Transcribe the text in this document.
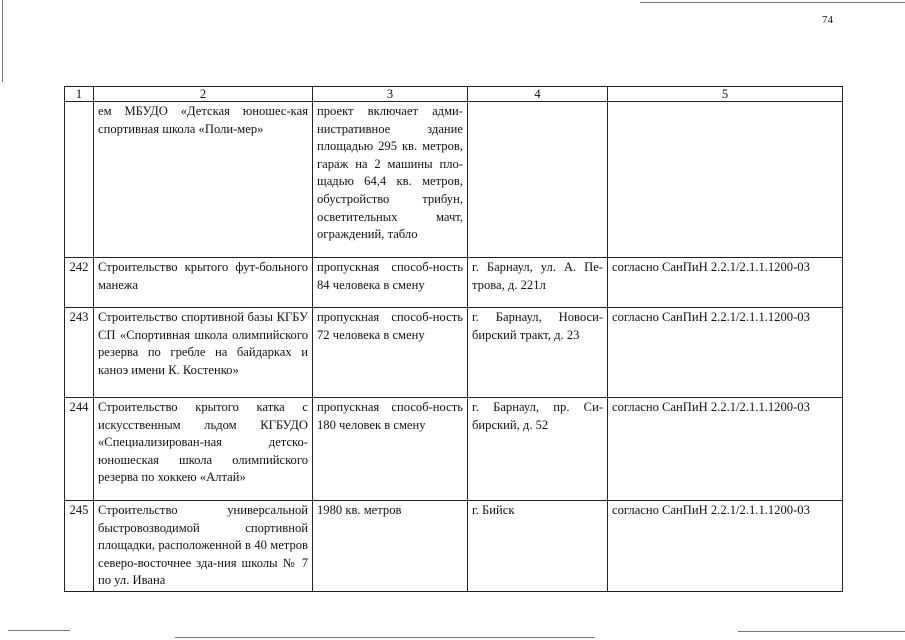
74
1	2	3	4	5
	ем МБУДО «Детская юношес-кая спортивная школа «Поли-мер»	проект включает адми-нистративное здание площадью 295 кв. метров, гараж на 2 машины пло-щадью 64,4 кв. метров, обустройство трибун, осветительных мачт, ограждений, табло		
242	Строительство крытого фут-больного манежа	пропускная способ-ность 84 человека в смену	г. Барнаул, ул. А. Пе-трова, д. 221л	согласно СанПиН 2.2.1/2.1.1.1200-03
243	Строительство спортивной базы КГБУ СП «Спортивная школа олимпийского резерва по гребле на байдарках и каноэ имени К. Костенко»	пропускная способ-ность 72 человека в смену	г. Барнаул, Новоси-бирский тракт, д. 23	согласно СанПиН 2.2.1/2.1.1.1200-03
244	Строительство крытого катка с искусственным льдом КГБУДО «Специализирован-ная детско-юношеская школа олимпийского резерва по хоккею «Алтай»	пропускная способ-ность 180 человек в смену	г. Барнаул, пр. Си-бирский, д. 52	согласно СанПиН 2.2.1/2.1.1.1200-03
245	Строительство универсальной быстровозводимой спортивной площадки, расположенной в 40 метров северо-восточнее зда-ния школы № 7 по ул. Ивана	1980 кв. метров	г. Бийск	согласно СанПиН 2.2.1/2.1.1.1200-03
